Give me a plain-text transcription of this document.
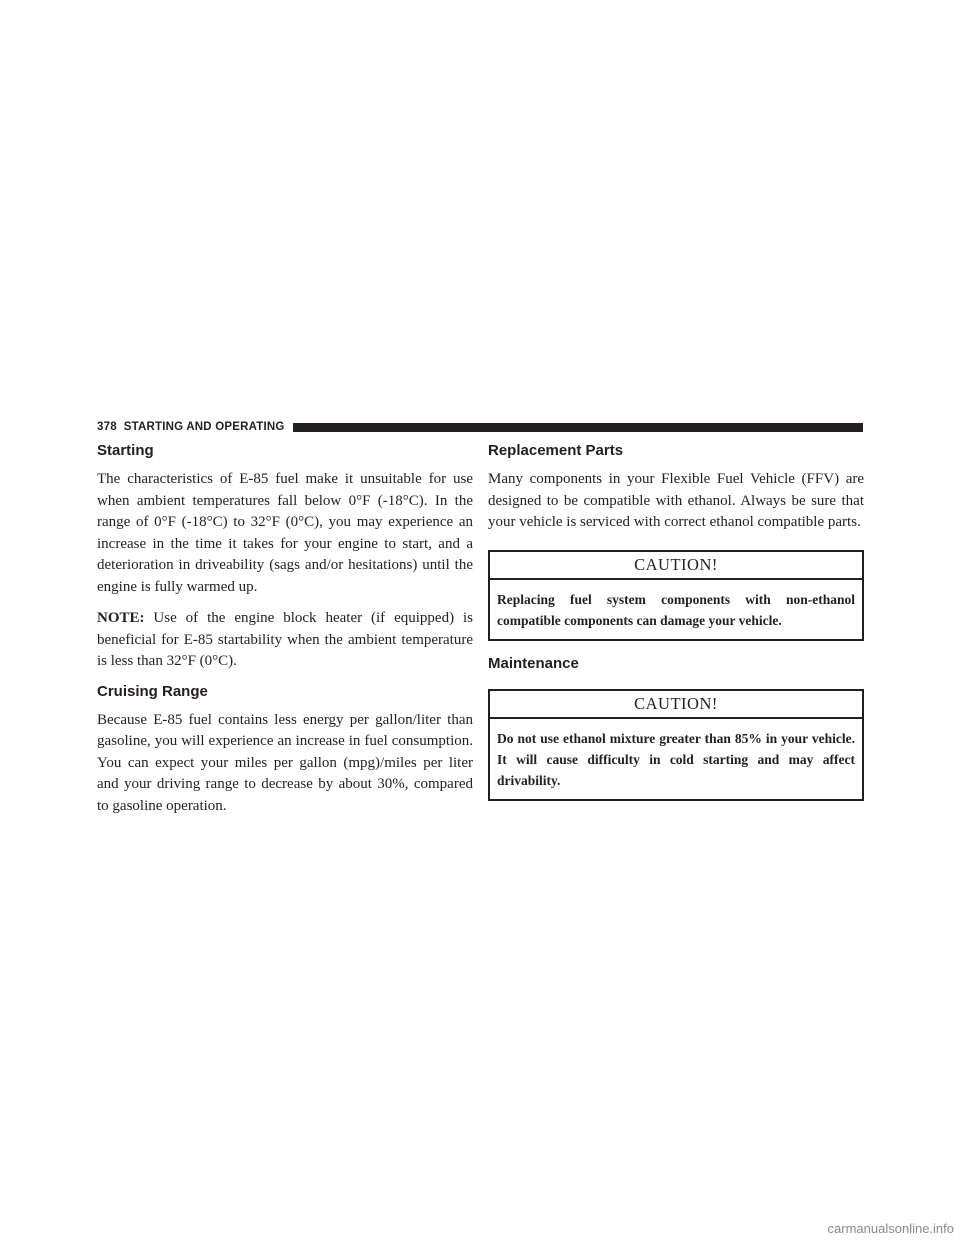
378 STARTING AND OPERATING
Starting

The characteristics of E-85 fuel make it unsuitable for use when ambient temperatures fall below 0°F (-18°C). In the range of 0°F (-18°C) to 32°F (0°C), you may experience an increase in the time it takes for your engine to start, and a deterioration in driveability (sags and/or hesitations) until the engine is fully warmed up.

NOTE: Use of the engine block heater (if equipped) is beneficial for E-85 startability when the ambient temperature is less than 32°F (0°C).

Cruising Range

Because E-85 fuel contains less energy per gallon/liter than gasoline, you will experience an increase in fuel consumption. You can expect your miles per gallon (mpg)/miles per liter and your driving range to decrease by about 30%, compared to gasoline operation.

Replacement Parts

Many components in your Flexible Fuel Vehicle (FFV) are designed to be compatible with ethanol. Always be sure that your vehicle is serviced with correct ethanol compatible parts.

CAUTION!
Replacing fuel system components with non-ethanol compatible components can damage your vehicle.
Maintenance
CAUTION!
Do not use ethanol mixture greater than 85% in your vehicle. It will cause difficulty in cold starting and may affect drivability.
carmanualsonline.info
